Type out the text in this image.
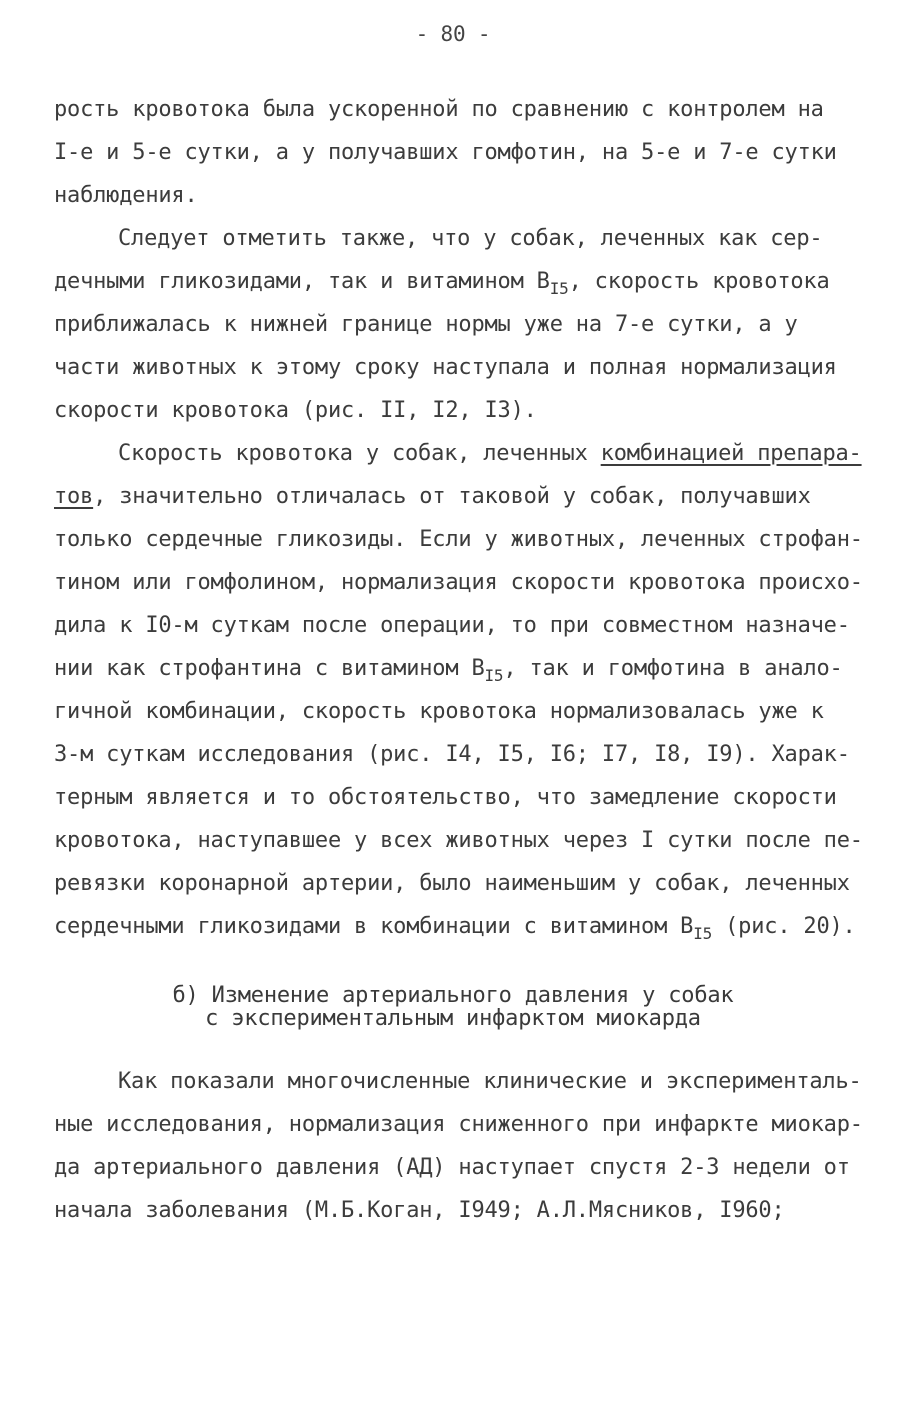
- 80 -
рость кровотока была ускоренной по сравнению с контролем на
I-е и 5-е сутки, а у получавших гомфотин, на 5-е и 7-е сутки
наблюдения.
Следует отметить также, что у собак, леченных как сер-
дечными гликозидами, так и витамином $В_{I5}$, скорость кровотока
приближалась к нижней границе нормы уже на 7-е сутки, а у
части животных к этому сроку наступала и полная нормализация
скорости кровотока (рис. II, I2, I3).
Скорость кровотока у собак, леченных комбинацией препара-
тов, значительно отличалась от таковой у собак, получавших
только сердечные гликозиды. Если у животных, леченных строфан-
тином или гомфолином, нормализация скорости кровотока происхо-
дила к I0-м суткам после операции, то при совместном назначе-
нии как строфантина с витамином $В_{I5}$, так и гомфотина в анало-
гичной комбинации, скорость кровотока нормализовалась уже к
3-м суткам исследования (рис. I4, I5, I6; I7, I8, I9). Харак-
терным является и то обстоятельство, что замедление скорости
кровотока, наступавшее у всех животных через I сутки после пе-
ревязки коронарной артерии, было наименьшим у собак, леченных
сердечными гликозидами в комбинации с витамином $В_{I5}$ (рис. 20).
б) Изменение артериального давления у собак
с экспериментальным инфарктом миокарда
Как показали многочисленные клинические и эксперименталь-
ные исследования, нормализация сниженного при инфаркте миокар-
да артериального давления (АД) наступает спустя 2-3 недели от
начала заболевания (М.Б.Коган, I949; А.Л.Мясников, I960;
